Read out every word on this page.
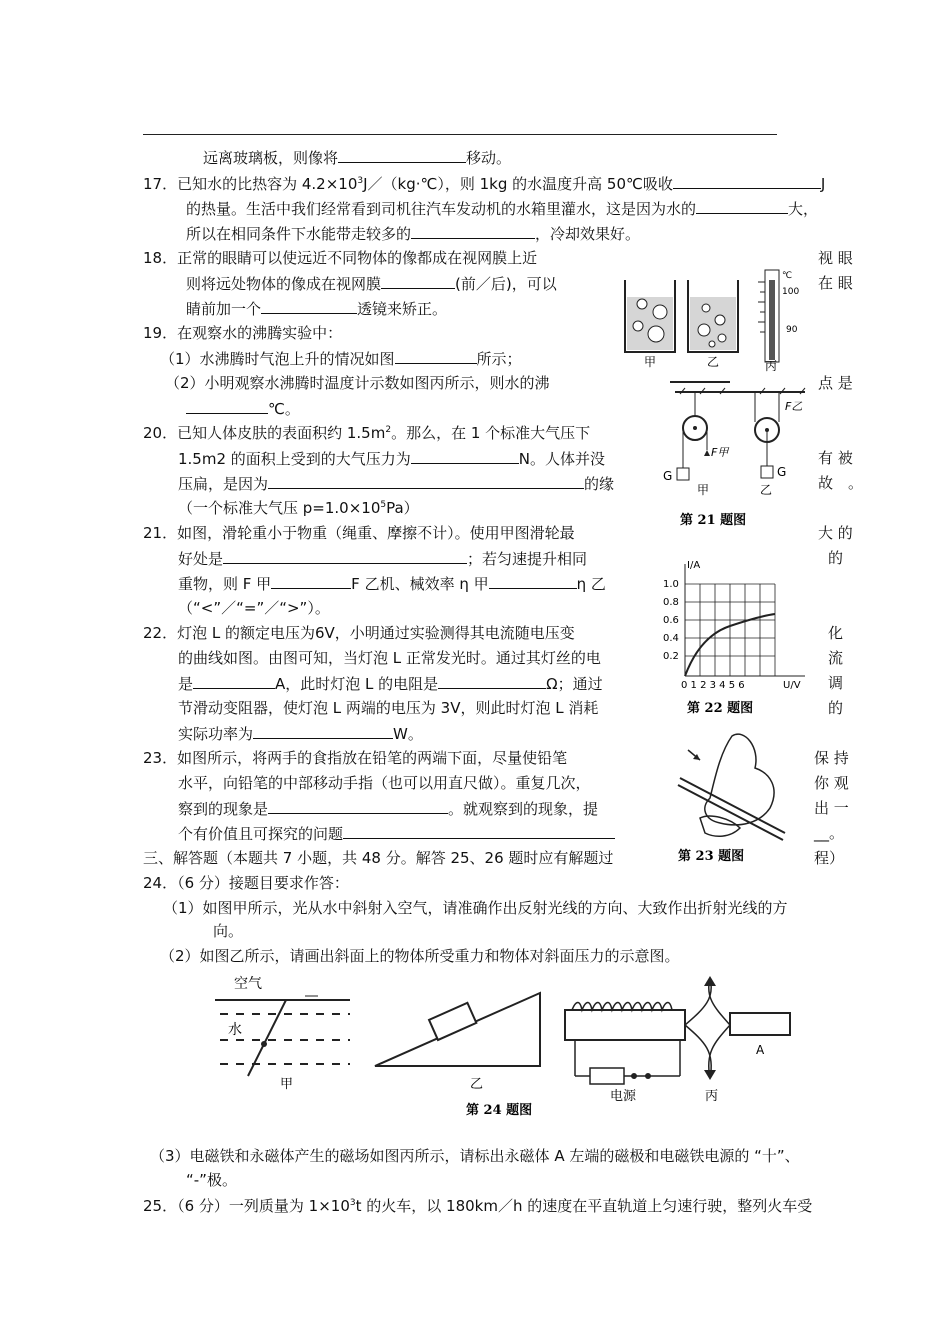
远离玻璃板，则像将	移动。
17．已知水的比热容为 $4.2\times 10^3J/(kg\cdot℃)$，则 1kg 的水温度升高 50℃吸收	J
的热量。生活中我们经常看到司机往汽车发动机的水箱里灌水，这是因为水的	大，
所以在相同条件下水能带走较多的	，冷却效果好。
18．正常的眼睛可以使远近不同物体的像都成在视网膜上近	视 眼
则将远处物体的像成在视网膜	(前／后)，可以	在 眼
睛前加一个	透镜来矫正。
19．在观察水的沸腾实验中：
（1）水沸腾时气泡上升的情况如图	所示；
（2）小明观察水沸腾时温度计示数如图丙所示，则水的沸	点 是
℃。
20．已知人体皮肤的表面积约 $1.5m^2$。那么，在 1 个标准大气压下
1.5m2 的面积上受到的大气压力为	N。人体并没	有 被
压扁，是因为	的缘	故　。
（一个标准大气压 $p=1.0\times 10^5Pa$）
21．如图，滑轮重小于物重（绳重、摩擦不计）。使用甲图滑轮最	大 的
好处是	；若匀速提升相同	的
重物，则 F 甲	F 乙机、械效率 η 甲	η 乙
（“<”／“=”／“>”）。
22．灯泡 L 的额定电压为6V，小明通过实验测得其电流随电压变	化
的曲线如图。由图可知，当灯泡 L 正常发光时。通过其灯丝的电	流
是	A，此时灯泡 L 的电阻是	Ω；通过	调
节滑动变阻器，使灯泡 L 两端的电压为 3V，则此时灯泡 L 消耗	的
实际功率为	W。
23．如图所示，将两手的食指放在铅笔的两端下面，尽量使铅笔	保 持
水平，向铅笔的中部移动手指（也可以用直尺做）。重复几次，	你 观
察到的现象是	。就观察到的现象，提	出 一
个有价值且可探究的问题	__。
三、解答题（本题共 7 小题，共 48 分。解答 25、26 题时应有解题过	程）
24．（6 分）接题目要求作答：
（1）如图甲所示，光从水中斜射入空气，请准确作出反射光线的方向、大致作出折射光线的方
向。
（2）如图乙所示，请画出斜面上的物体所受重力和物体对斜面压力的示意图。
（3）电磁铁和永磁体产生的磁场如图丙所示，请标出永磁体 A 左端的磁极和电磁铁电源的 “十”、
“-”极。
25．（6 分）一列质量为 $1\times 10^3t$ 的火车，以 180km／h 的速度在平直轨道上匀速行驶，整列火车受
℃
100
90
甲	乙	丙
F甲
G	G
F乙
甲	乙
第 21 题图
I/A
1.0
0.8
0.6
0.4
0.2
0 1 2 3 4 5 6	U/V
第 22 题图
第 23 题图
空气
水
甲	乙
A
电源	丙
第 24 题图
